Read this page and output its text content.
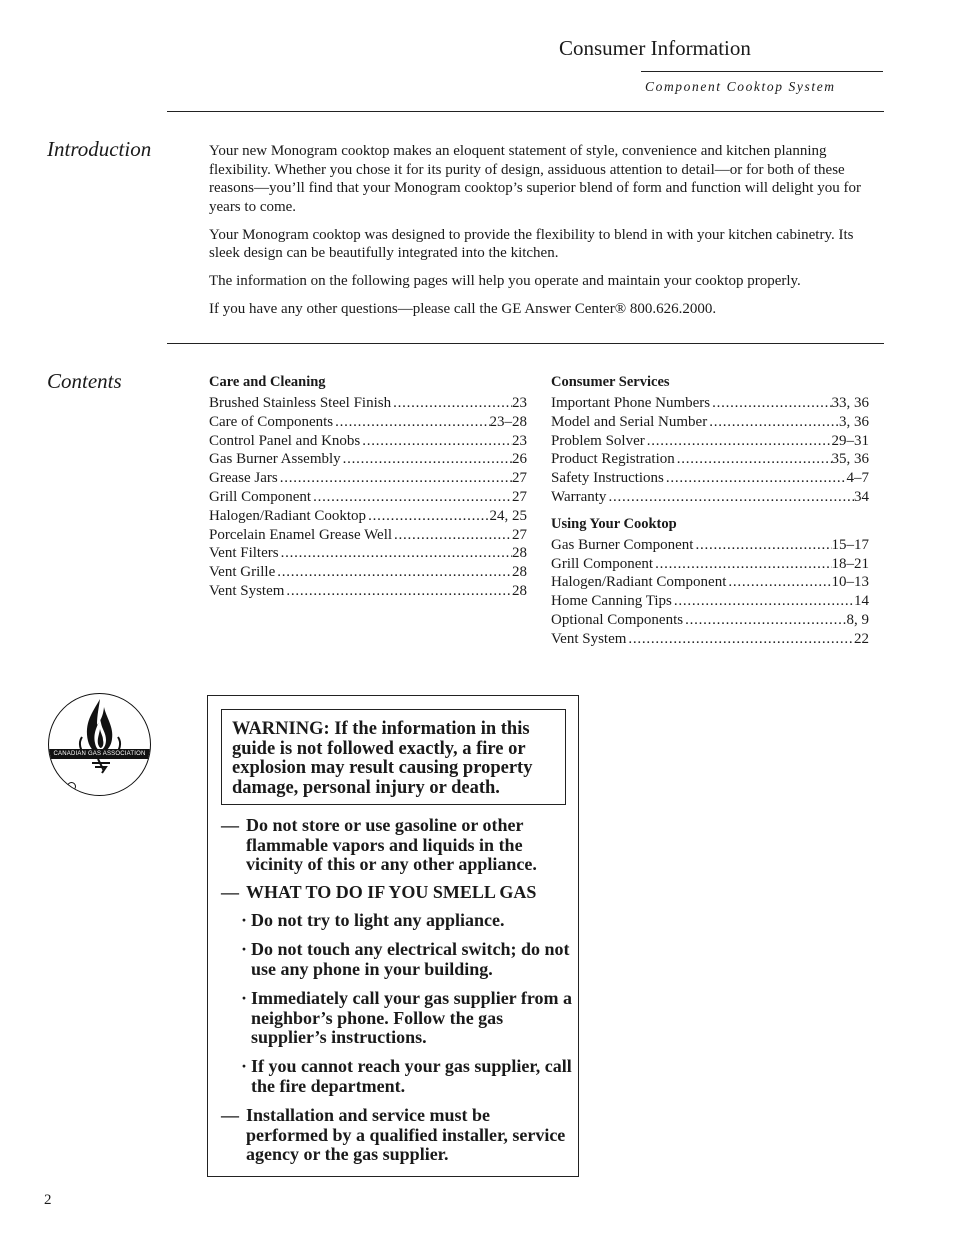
Consumer Information
Component Cooktop System
Introduction	Your new Monogram cooktop makes an eloquent statement of style, convenience and kitchen planning flexibility. Whether you chose it for its purity of design, assiduous attention to detail—or for both of these reasons—you’ll find that your Monogram cooktop’s superior blend of form and function will delight you for years to come.

Your Monogram cooktop was designed to provide the flexibility to blend in with your kitchen cabinetry. Its sleek design can be beautifully integrated into the kitchen.

The information on the following pages will help you operate and maintain your cooktop properly.

If you have any other questions—please call the GE Answer Center® 800.626.2000.

Contents	Care and Cleaning
Brushed Stainless Steel Finish . . .	23
Care of Components . . .	23–28
Control Panel and Knobs . . .	23
Gas Burner Assembly . . .	26
Grease Jars . . .	27
Grill Component . . .	27
Halogen/Radiant Cooktop . . .	24, 25
Porcelain Enamel Grease Well . . .	27
Vent Filters . . .	28
Vent Grille . . .	28
Vent System . . .	28
Consumer Services
Important Phone Numbers . . .	33, 36
Model and Serial Number . . .	3, 36
Problem Solver . . .	29–31
Product Registration . . .	35, 36
Safety Instructions . . .	4–7
Warranty . . .	34
Using Your Cooktop
Gas Burner Component . . .	15–17
Grill Component . . .	18–21
Halogen/Radiant Component . . .	10–13
Home Canning Tips . . .	14
Optional Components . . .	8, 9
Vent System . . .	22
CANADIAN GAS ASSOCIATION
WARNING: If the information in this guide is not followed exactly, a fire or explosion may result causing property damage, personal injury or death.
— Do not store or use gasoline or other flammable vapors and liquids in the vicinity of this or any other appliance.
— WHAT TO DO IF YOU SMELL GAS
· Do not try to light any appliance.
· Do not touch any electrical switch; do not use any phone in your building.
· Immediately call your gas supplier from a neighbor’s phone. Follow the gas supplier’s instructions.
· If you cannot reach your gas supplier, call the fire department.
— Installation and service must be performed by a qualified installer, service agency or the gas supplier.
2
